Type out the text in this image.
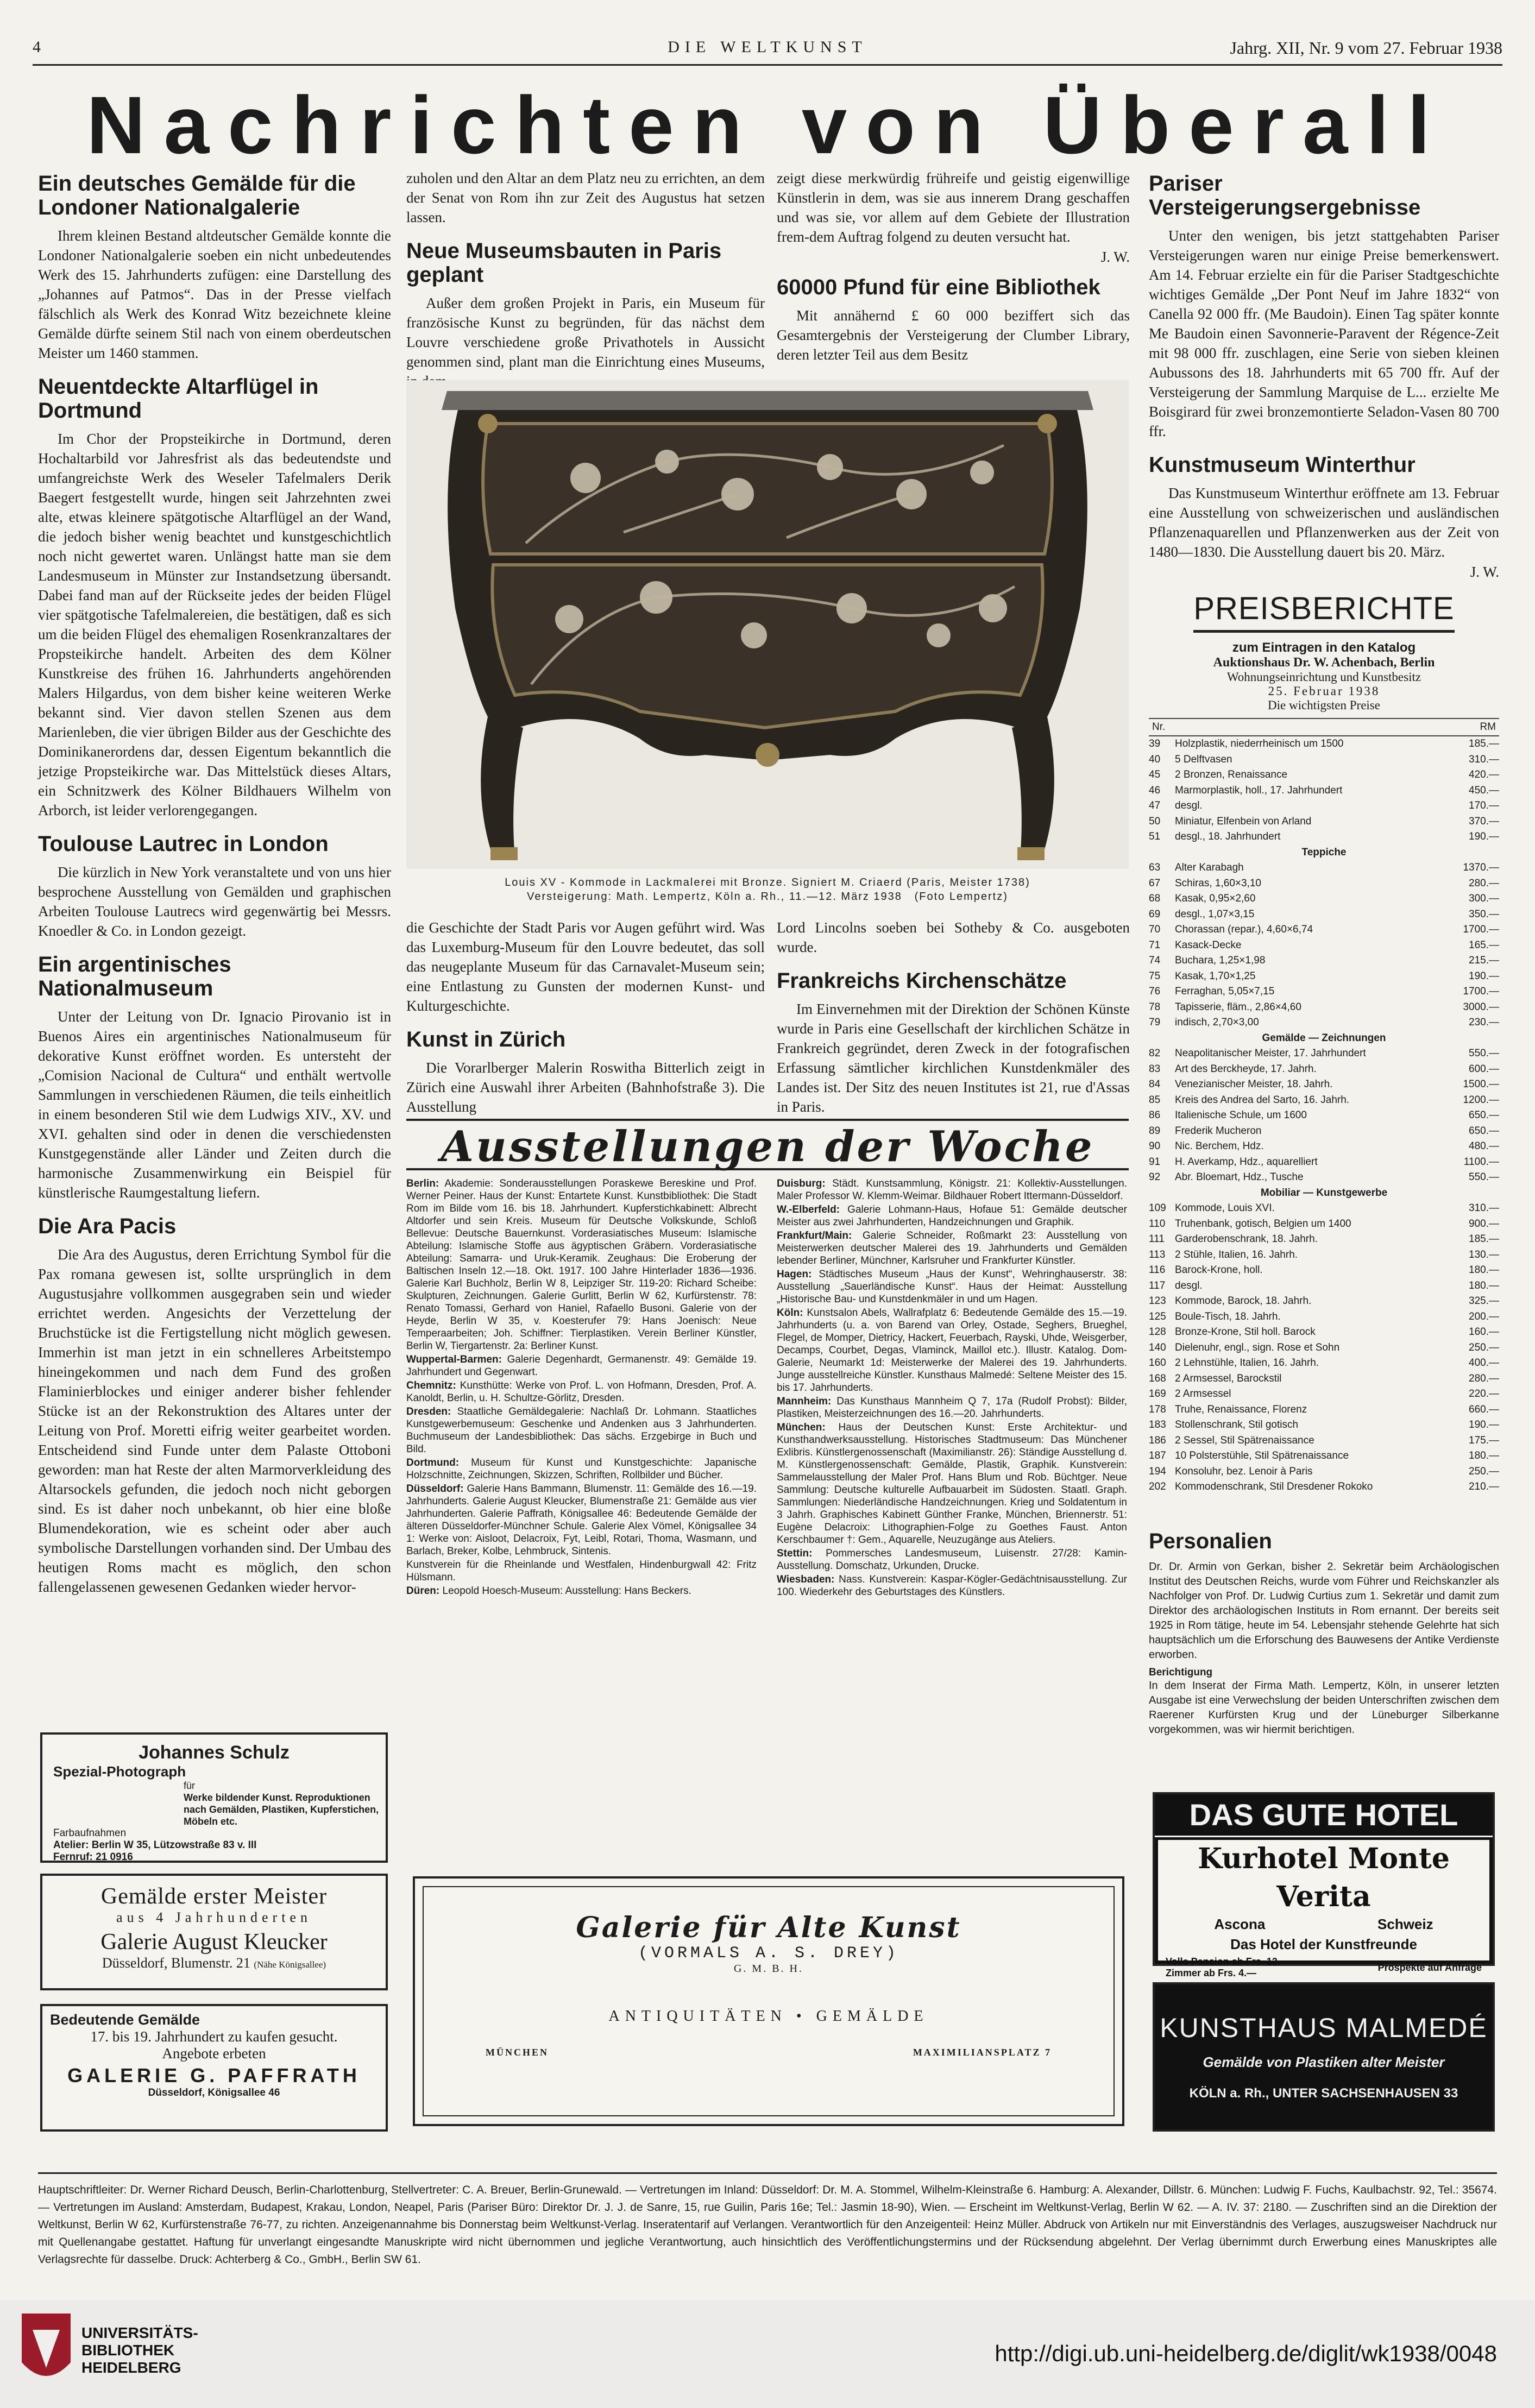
4	DIE WELTKUNST	Jahrg. XII, Nr. 9 vom 27. Februar 1938
Nachrichten von Überall
Ein deutsches Gemälde für die Londoner Nationalgalerie

Ihrem kleinen Bestand altdeutscher Gemälde konnte die Londoner Nationalgalerie soeben ein nicht unbedeutendes Werk des 15. Jahrhunderts zufügen: eine Darstellung des „Johannes auf Patmos“. Das in der Presse vielfach fälschlich als Werk des Konrad Witz bezeichnete kleine Gemälde dürfte seinem Stil nach von einem oberdeutschen Meister um 1460 stammen.

Neuentdeckte Altarflügel in Dortmund

Im Chor der Propsteikirche in Dortmund, deren Hochaltarbild vor Jahresfrist als das bedeutendste und umfangreichste Werk des Weseler Tafelmalers Derik Baegert festgestellt wurde, hingen seit Jahrzehnten zwei alte, etwas kleinere spätgotische Altarflügel an der Wand, die jedoch bisher wenig beachtet und kunstgeschichtlich noch nicht gewertet waren. Unlängst hatte man sie dem Landesmuseum in Münster zur Instandsetzung übersandt. Dabei fand man auf der Rückseite jedes der beiden Flügel vier spätgotische Tafelmalereien, die bestätigen, daß es sich um die beiden Flügel des ehemaligen Rosenkranzaltares der Propsteikirche handelt. Arbeiten des dem Kölner Kunstkreise des frühen 16. Jahrhunderts angehörenden Malers Hilgardus, von dem bisher keine weiteren Werke bekannt sind. Vier davon stellen Szenen aus dem Marienleben, die vier übrigen Bilder aus der Geschichte des Dominikanerordens dar, dessen Eigentum bekanntlich die jetzige Propsteikirche war. Das Mittelstück dieses Altars, ein Schnitzwerk des Kölner Bildhauers Wilhelm von Arborch, ist leider verlorengegangen.

Toulouse Lautrec in London

Die kürzlich in New York veranstaltete und von uns hier besprochene Ausstellung von Gemälden und graphischen Arbeiten Toulouse Lautrecs wird gegenwärtig bei Messrs. Knoedler & Co. in London gezeigt.

Ein argentinisches Nationalmuseum

Unter der Leitung von Dr. Ignacio Pirovanio ist in Buenos Aires ein argentinisches Nationalmuseum für dekorative Kunst eröffnet worden. Es untersteht der „Comision Nacional de Cultura“ und enthält wertvolle Sammlungen in verschiedenen Räumen, die teils einheitlich in einem besonderen Stil wie dem Ludwigs XIV., XV. und XVI. gehalten sind oder in denen die verschiedensten Kunstgegenstände aller Länder und Zeiten durch die harmonische Zusammenwirkung ein Beispiel für künstlerische Raumgestaltung liefern.

Die Ara Pacis

Die Ara des Augustus, deren Errichtung Symbol für die Pax romana gewesen ist, sollte ursprünglich in dem Augustusjahre vollkommen ausgegraben sein und wieder errichtet werden. Angesichts der Verzettelung der Bruchstücke ist die Fertigstellung nicht möglich gewesen. Immerhin ist man jetzt in ein schnelleres Arbeitstempo hineingekommen und nach dem Fund des großen Flaminierblockes und einiger anderer bisher fehlender Stücke ist an der Rekonstruktion des Altares unter der Leitung von Prof. Moretti eifrig weiter gearbeitet worden. Entscheidend sind Funde unter dem Palaste Ottoboni geworden: man hat Reste der alten Marmorverkleidung des Altarsockels gefunden, die jedoch noch nicht geborgen sind. Es ist daher noch unbekannt, ob hier eine bloße Blumendekoration, wie es scheint oder aber auch symbolische Darstellungen vorhanden sind. Der Umbau des heutigen Roms macht es möglich, den schon fallengelassenen gewesenen Gedanken wieder hervor-

zuholen und den Altar an dem Platz neu zu errichten, an dem der Senat von Rom ihn zur Zeit des Augustus hat setzen lassen.

Neue Museumsbauten in Paris geplant

Außer dem großen Projekt in Paris, ein Museum für französische Kunst zu begründen, für das nächst dem Louvre verschiedene große Privathotels in Aussicht genommen sind, plant man die Einrichtung eines Museums,

zeigt diese merkwürdig frühreife und geistig eigenwillige Künstlerin in dem, was sie aus innerem Drang geschaffen und was sie, vor allem auf dem Gebiete der Illustration frem-dem Auftrag folgend zu deuten versucht hat.

J. W.

60000 Pfund für eine Bibliothek

Mit annähernd £ 60 000 beziffert sich das Gesamtergebnis der Versteigerung der Clumber Library, deren letzter Teil aus dem Besitz

Louis XV - Kommode in Lackmalerei mit Bronze. Signiert M. Criaerd (Paris, Meister 1738)
Versteigerung: Math. Lempertz, Köln a. Rh., 11.—12. März 1938 (Foto Lempertz)

die Geschichte der Stadt Paris vor Augen geführt wird. Was das Luxemburg-Museum für den Louvre bedeutet, das soll das neugeplante Museum für das Carnavalet-Museum sein; eine Entlastung zu Gunsten der modernen Kunst- und Kulturgeschichte.

Kunst in Zürich

Die Vorarlberger Malerin Roswitha Bitterlich zeigt in Zürich eine Auswahl ihrer Arbeiten (Bahnhofstraße 3). Die Ausstellung

Lord Lincolns soeben bei Sotheby & Co. ausgeboten wurde.

Frankreichs Kirchenschätze

Im Einvernehmen mit der Direktion der Schönen Künste wurde in Paris eine Gesellschaft der kirchlichen Schätze in Frankreich gegründet, deren Zweck in der fotografischen Erfassung sämtlicher kirchlichen Kunstdenkmäler des Landes ist. Der Sitz des neuen Institutes ist 21, rue d'Assas in Paris.

Ausstellungen der Woche
Berlin: Akademie: Sonderausstellungen Poraskewe Bereskine und Prof. Werner Peiner. Haus der Kunst: Entartete Kunst. Kunstbibliothek: Die Stadt Rom im Bilde vom 16. bis 18. Jahrhundert. Kupferstichkabinett: Albrecht Altdorfer und sein Kreis. Museum für Deutsche Volkskunde, Schloß Bellevue: Deutsche Bauernkunst. Vorderasiatisches Museum: Islamische Abteilung: Islamische Stoffe aus ägyptischen Gräbern. Vorderasiatische Abteilung: Samarra- und Uruk-Keramik. Zeughaus: Die Eroberung der Baltischen Inseln 12.—18. Okt. 1917. 100 Jahre Hinterlader 1836—1936. Galerie Karl Buchholz, Berlin W 8, Leipziger Str. 119-20: Richard Scheibe: Skulpturen, Zeichnungen. Galerie Gurlitt, Berlin W 62, Kurfürstenstr. 78: Renato Tomassi, Gerhard von Haniel, Rafaello Busoni. Galerie von der Heyde, Berlin W 35, v. Koesterufer 79: Hans Joenisch: Neue Temperaarbeiten; Joh. Schiffner: Tierplastiken. Verein Berliner Künstler, Berlin W, Tiergartenstr. 2a: Berliner Kunst.
Wuppertal-Barmen: Galerie Degenhardt, Germanenstr. 49: Gemälde 19. Jahrhundert und Gegenwart.
Chemnitz: Kunsthütte: Werke von Prof. L. von Hofmann, Dresden, Prof. A. Kanoldt, Berlin, u. H. Schultze-Görlitz, Dresden.
Dresden: Staatliche Gemäldegalerie: Nachlaß Dr. Lohmann. Staatliches Kunstgewerbemuseum: Geschenke und Andenken aus 3 Jahrhunderten. Buchmuseum der Landesbibliothek: Das sächs. Erzgebirge in Buch und Bild.
Dortmund: Museum für Kunst und Kunstgeschichte: Japanische Holzschnitte, Zeichnungen, Skizzen, Schriften, Rollbilder und Bücher.
Düsseldorf: Galerie Hans Bammann, Blumenstr. 11: Gemälde des 16.—19. Jahrhunderts. Galerie August Kleucker, Blumenstraße 21: Gemälde aus vier Jahrhunderten. Galerie Paffrath, Königsallee 46: Bedeutende Gemälde der älteren Düsseldorfer-Münchner Schule. Galerie Alex Vömel, Königsallee 34 1: Werke von: Aisloot, Delacroix, Fyt, Leibl, Rotari, Thoma, Wasmann, und Barlach, Breker, Kolbe, Lehmbruck, Sintenis.
Kunstverein für die Rheinlande und Westfalen, Hindenburgwall 42: Fritz Hülsmann.
Düren: Leopold Hoesch-Museum: Ausstellung: Hans Beckers.
Duisburg: Städt. Kunstsammlung, Königstr. 21: Kollektiv-Ausstellungen. Maler Professor W. Klemm-Weimar. Bildhauer Robert Ittermann-Düsseldorf.
W.-Elberfeld: Galerie Lohmann-Haus, Hofaue 51: Gemälde deutscher Meister aus zwei Jahrhunderten, Handzeichnungen und Graphik.
Frankfurt/Main: Galerie Schneider, Roßmarkt 23: Ausstellung von Meisterwerken deutscher Malerei des 19. Jahrhunderts und Gemälden lebender Berliner, Münchner, Karlsruher und Frankfurter Künstler.
Hagen: Städtisches Museum „Haus der Kunst“, Wehringhauserstr. 38: Ausstellung „Sauerländische Kunst“. Haus der Heimat: Ausstellung „Historische Bau- und Kunstdenkmäler in und um Hagen.
Köln: Kunstsalon Abels, Wallrafplatz 6: Bedeutende Gemälde des 15.—19. Jahrhunderts (u. a. von Barend van Orley, Ostade, Seghers, Brueghel, Flegel, de Momper, Dietricy, Hackert, Feuerbach, Rayski, Uhde, Weisgerber, Decamps, Courbet, Degas, Vlaminck, Maillol etc.). Illustr. Katalog. Dom-Galerie, Neumarkt 1d: Meisterwerke der Malerei des 19. Jahrhunderts. Junge ausstellreiche Künstler. Kunsthaus Malmedé: Seltene Meister des 15. bis 17. Jahrhunderts.
Mannheim: Das Kunsthaus Mannheim Q 7, 17a (Rudolf Probst): Bilder, Plastiken, Meisterzeichnungen des 16.—20. Jahrhunderts.
München: Haus der Deutschen Kunst: Erste Architektur- und Kunsthandwerksausstellung. Historisches Stadtmuseum: Das Münchener Exlibris. Künstlergenossenschaft (Maximilianstr. 26): Ständige Ausstellung d. M. Künstlergenossenschaft: Gemälde, Plastik, Graphik. Kunstverein: Sammelausstellung der Maler Prof. Hans Blum und Rob. Büchtger. Neue Sammlung: Deutsche kulturelle Aufbauarbeit im Südosten. Staatl. Graph. Sammlungen: Niederländische Handzeichnungen. Krieg und Soldatentum in 3 Jahrh. Graphisches Kabinett Günther Franke, München, Briennerstr. 51: Eugène Delacroix: Lithographien-Folge zu Goethes Faust. Anton Kerschbaumer †: Gem., Aquarelle, Neuzugänge aus Ateliers.
Stettin: Pommersches Landesmuseum, Luisenstr. 27/28: Kamin-Ausstellung. Domschatz, Urkunden, Drucke.
Wiesbaden: Nass. Kunstverein: Kaspar-Kögler-Gedächtnisausstellung. Zur 100. Wiederkehr des Geburtstages des Künstlers.
Pariser Versteigerungsergebnisse

Unter den wenigen, bis jetzt stattgehabten Pariser Versteigerungen waren nur einige Preise bemerkenswert. Am 14. Februar erzielte ein für die Pariser Stadtgeschichte wichtiges Gemälde „Der Pont Neuf im Jahre 1832“ von Canella 92 000 ffr. (Me Baudoin). Einen Tag später konnte Me Baudoin einen Savonnerie-Paravent der Régence-Zeit mit 98 000 ffr. zuschlagen, eine Serie von sieben kleinen Aubussons des 18. Jahrhunderts mit 65 700 ffr. Auf der Versteigerung der Sammlung Marquise de L... erzielte Me Boisgirard für zwei bronzemontierte Seladon-Vasen 80 700 ffr.

Kunstmuseum Winterthur

Das Kunstmuseum Winterthur eröffnete am 13. Februar eine Ausstellung von schweizerischen und ausländischen Pflanzenaquarellen und Pflanzenwerken aus der Zeit von 1480—1830. Die Ausstellung dauert bis 20. März.

J. W.

PREISBERICHTE
zum Eintragen in den Katalog
Auktionshaus Dr. W. Achenbach, Berlin
Wohnungseinrichtung und Kunstbesitz
25. Februar 1938
Die wichtigsten Preise
Nr.	RM
39	Holzplastik, niederrheinisch um 1500	185.—
40	5 Delftvasen	310.—
45	2 Bronzen, Renaissance	420.—
46	Marmorplastik, holl., 17. Jahrhundert	450.—
47	desgl.	170.—
50	Miniatur, Elfenbein von Arland	370.—
51	desgl., 18. Jahrhundert	190.—
Teppiche
63	Alter Karabagh	1370.—
67	Schiras, 1,60×3,10	280.—
68	Kasak, 0,95×2,60	300.—
69	desgl., 1,07×3,15	350.—
70	Chorassan (repar.), 4,60×6,74	1700.—
71	Kasack-Decke	165.—
74	Buchara, 1,25×1,98	215.—
75	Kasak, 1,70×1,25	190.—
76	Ferraghan, 5,05×7,15	1700.—
78	Tapisserie, fläm., 2,86×4,60	3000.—
79	indisch, 2,70×3,00	230.—
Gemälde — Zeichnungen
82	Neapolitanischer Meister, 17. Jahrhundert	550.—
83	Art des Berckheyde, 17. Jahrh.	600.—
84	Venezianischer Meister, 18. Jahrh.	1500.—
85	Kreis des Andrea del Sarto, 16. Jahrh.	1200.—
86	Italienische Schule, um 1600	650.—
89	Frederik Mucheron	650.—
90	Nic. Berchem, Hdz.	480.—
91	H. Averkamp, Hdz., aquarelliert	1100.—
92	Abr. Bloemart, Hdz., Tusche	550.—
Mobiliar — Kunstgewerbe
109 Kommode, Louis XVI.	310.—
110 Truhenbank, gotisch, Belgien um 1400	900.—
111	Garderobenschrank, 18. Jahrh.	185.—
113 2 Stühle, Italien, 16. Jahrh.	130.—
116 Barock-Krone, holl.	180.—
117 desgl.	180.—
123 Kommode, Barock, 18. Jahrh.	325.—
125 Boule-Tisch, 18. Jahrh.	200.—
128 Bronze-Krone, Stil holl. Barock	160.—
140 Dielenuhr, engl., sign. Rose et Sohn	250.—
160 2 Lehnstühle, Italien, 16. Jahrh.	400.—
168 2 Armsessel, Barockstil	280.—
169 2 Armsessel	220.—
178 Truhe, Renaissance, Florenz	660.—
183 Stollenschrank, Stil gotisch	190.—
186 2 Sessel, Stil Spätrenaissance	175.—
187 10 Polsterstühle, Stil Spätrenaissance	180.—
194 Konsoluhr, bez. Lenoir à Paris	250.—
202 Kommodenschrank, Stil Dresdener Rokoko	210.—
Personalien

Dr. Dr. Armin von Gerkan, bisher 2. Sekretär beim Archäologischen Institut des Deutschen Reichs, wurde vom Führer und Reichskanzler als Nachfolger von Prof. Dr. Ludwig Curtius zum 1. Sekretär und damit zum Direktor des archäologischen Instituts in Rom ernannt. Der bereits seit 1925 in Rom tätige, heute im 54. Lebensjahr stehende Gelehrte hat sich hauptsächlich um die Erforschung des Bauwesens der Antike Verdienste erworben.

Berichtigung

In dem Inserat der Firma Math. Lempertz, Köln, in unserer letzten Ausgabe ist eine Verwechslung der beiden Unterschriften zwischen dem Raerener Kurfürsten Krug und der Lüneburger Silberkanne vorgekommen, was wir hiermit berichtigen.

Johannes Schulz
Spezial-Photograph
für
Werke bildender Kunst. Reproduktionen nach Gemälden, Plastiken, Kupferstichen, Möbeln etc.
Farbaufnahmen
Atelier: Berlin W 35, Lützowstraße 83 v. III
Fernruf: 21 0916
Gemälde erster Meister
aus 4 Jahrhunderten
Galerie August Kleucker
Düsseldorf, Blumenstr. 21 (Nähe Königsallee)
Bedeutende Gemälde
17. bis 19. Jahrhundert zu kaufen gesucht.
Angebote erbeten
GALERIE G. PAFFRATH
Düsseldorf, Königsallee 46
Galerie für Alte Kunst
(VORMALS A. S. DREY)
G. M. B. H.
ANTIQUITÄTEN • GEMÄLDE
MÜNCHEN	MAXIMILIANSPLATZ 7
DAS GUTE HOTEL
Kurhotel Monte Verita
Ascona	Schweiz
Das Hotel der Kunstfreunde
Volle Pension ab Frs. 12.—
Zimmer ab Frs. 4.—
Prospekte auf Anfrage
KUNSTHAUS MALMEDÉ
Gemälde von Plastiken alter Meister
KÖLN a. Rh., UNTER SACHSENHAUSEN 33
Hauptschriftleiter: Dr. Werner Richard Deusch, Berlin-Charlottenburg, Stellvertreter: C. A. Breuer, Berlin-Grunewald. — Vertretungen im Inland: Düsseldorf: Dr. M. A. Stommel, Wilhelm-Kleinstraße 6. Hamburg: A. Alexander, Dillstr. 6. München: Ludwig F. Fuchs, Kaulbachstr. 92, Tel.: 35674. — Vertretungen im Ausland: Amsterdam, Budapest, Krakau, London, Neapel, Paris (Pariser Büro: Direktor Dr. J. J. de Sanre, 15, rue Guilin, Paris 16e; Tel.: Jasmin 18-90), Wien. — Erscheint im Weltkunst-Verlag, Berlin W 62. — A. IV. 37: 2180. — Zuschriften sind an die Direktion der Weltkunst, Berlin W 62, Kurfürstenstraße 76-77, zu richten. Anzeigenannahme bis Donnerstag beim Weltkunst-Verlag. Inseratentarif auf Verlangen. Verantwortlich für den Anzeigenteil: Heinz Müller. Abdruck von Artikeln nur mit Einverständnis des Verlages, auszugsweiser Nachdruck nur mit Quellenangabe gestattet. Haftung für unverlangt eingesandte Manuskripte wird nicht übernommen und jegliche Verantwortung, auch hinsichtlich des Veröffentlichungstermins und der Rücksendung abgelehnt. Der Verlag übernimmt durch Erwerbung eines Manuskriptes alle Verlagsrechte für dasselbe. Druck: Achterberg & Co., GmbH., Berlin SW 61.
UNIVERSITÄTS-
BIBLIOTHEK
HEIDELBERG
http://digi.ub.uni-heidelberg.de/diglit/wk1938/0048
